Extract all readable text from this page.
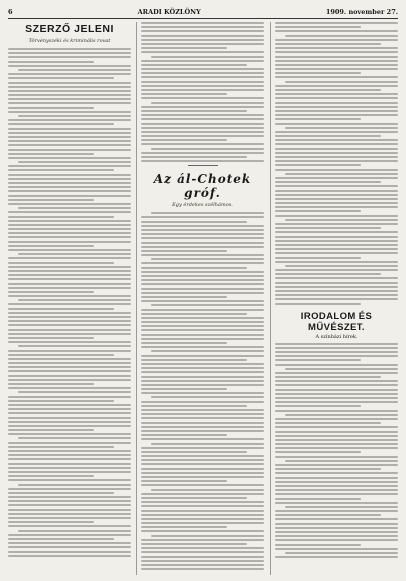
6	ARADI KÖZLÖNY	1909. november 27.
SZERZŐ JELENI
Törvényszéki és kriminális rovat
Az ál-Chotek gróf.
Egy érdekes szélhámos.
IRODALOM ÉS MŰVÉSZET.
A színházi hírek.
